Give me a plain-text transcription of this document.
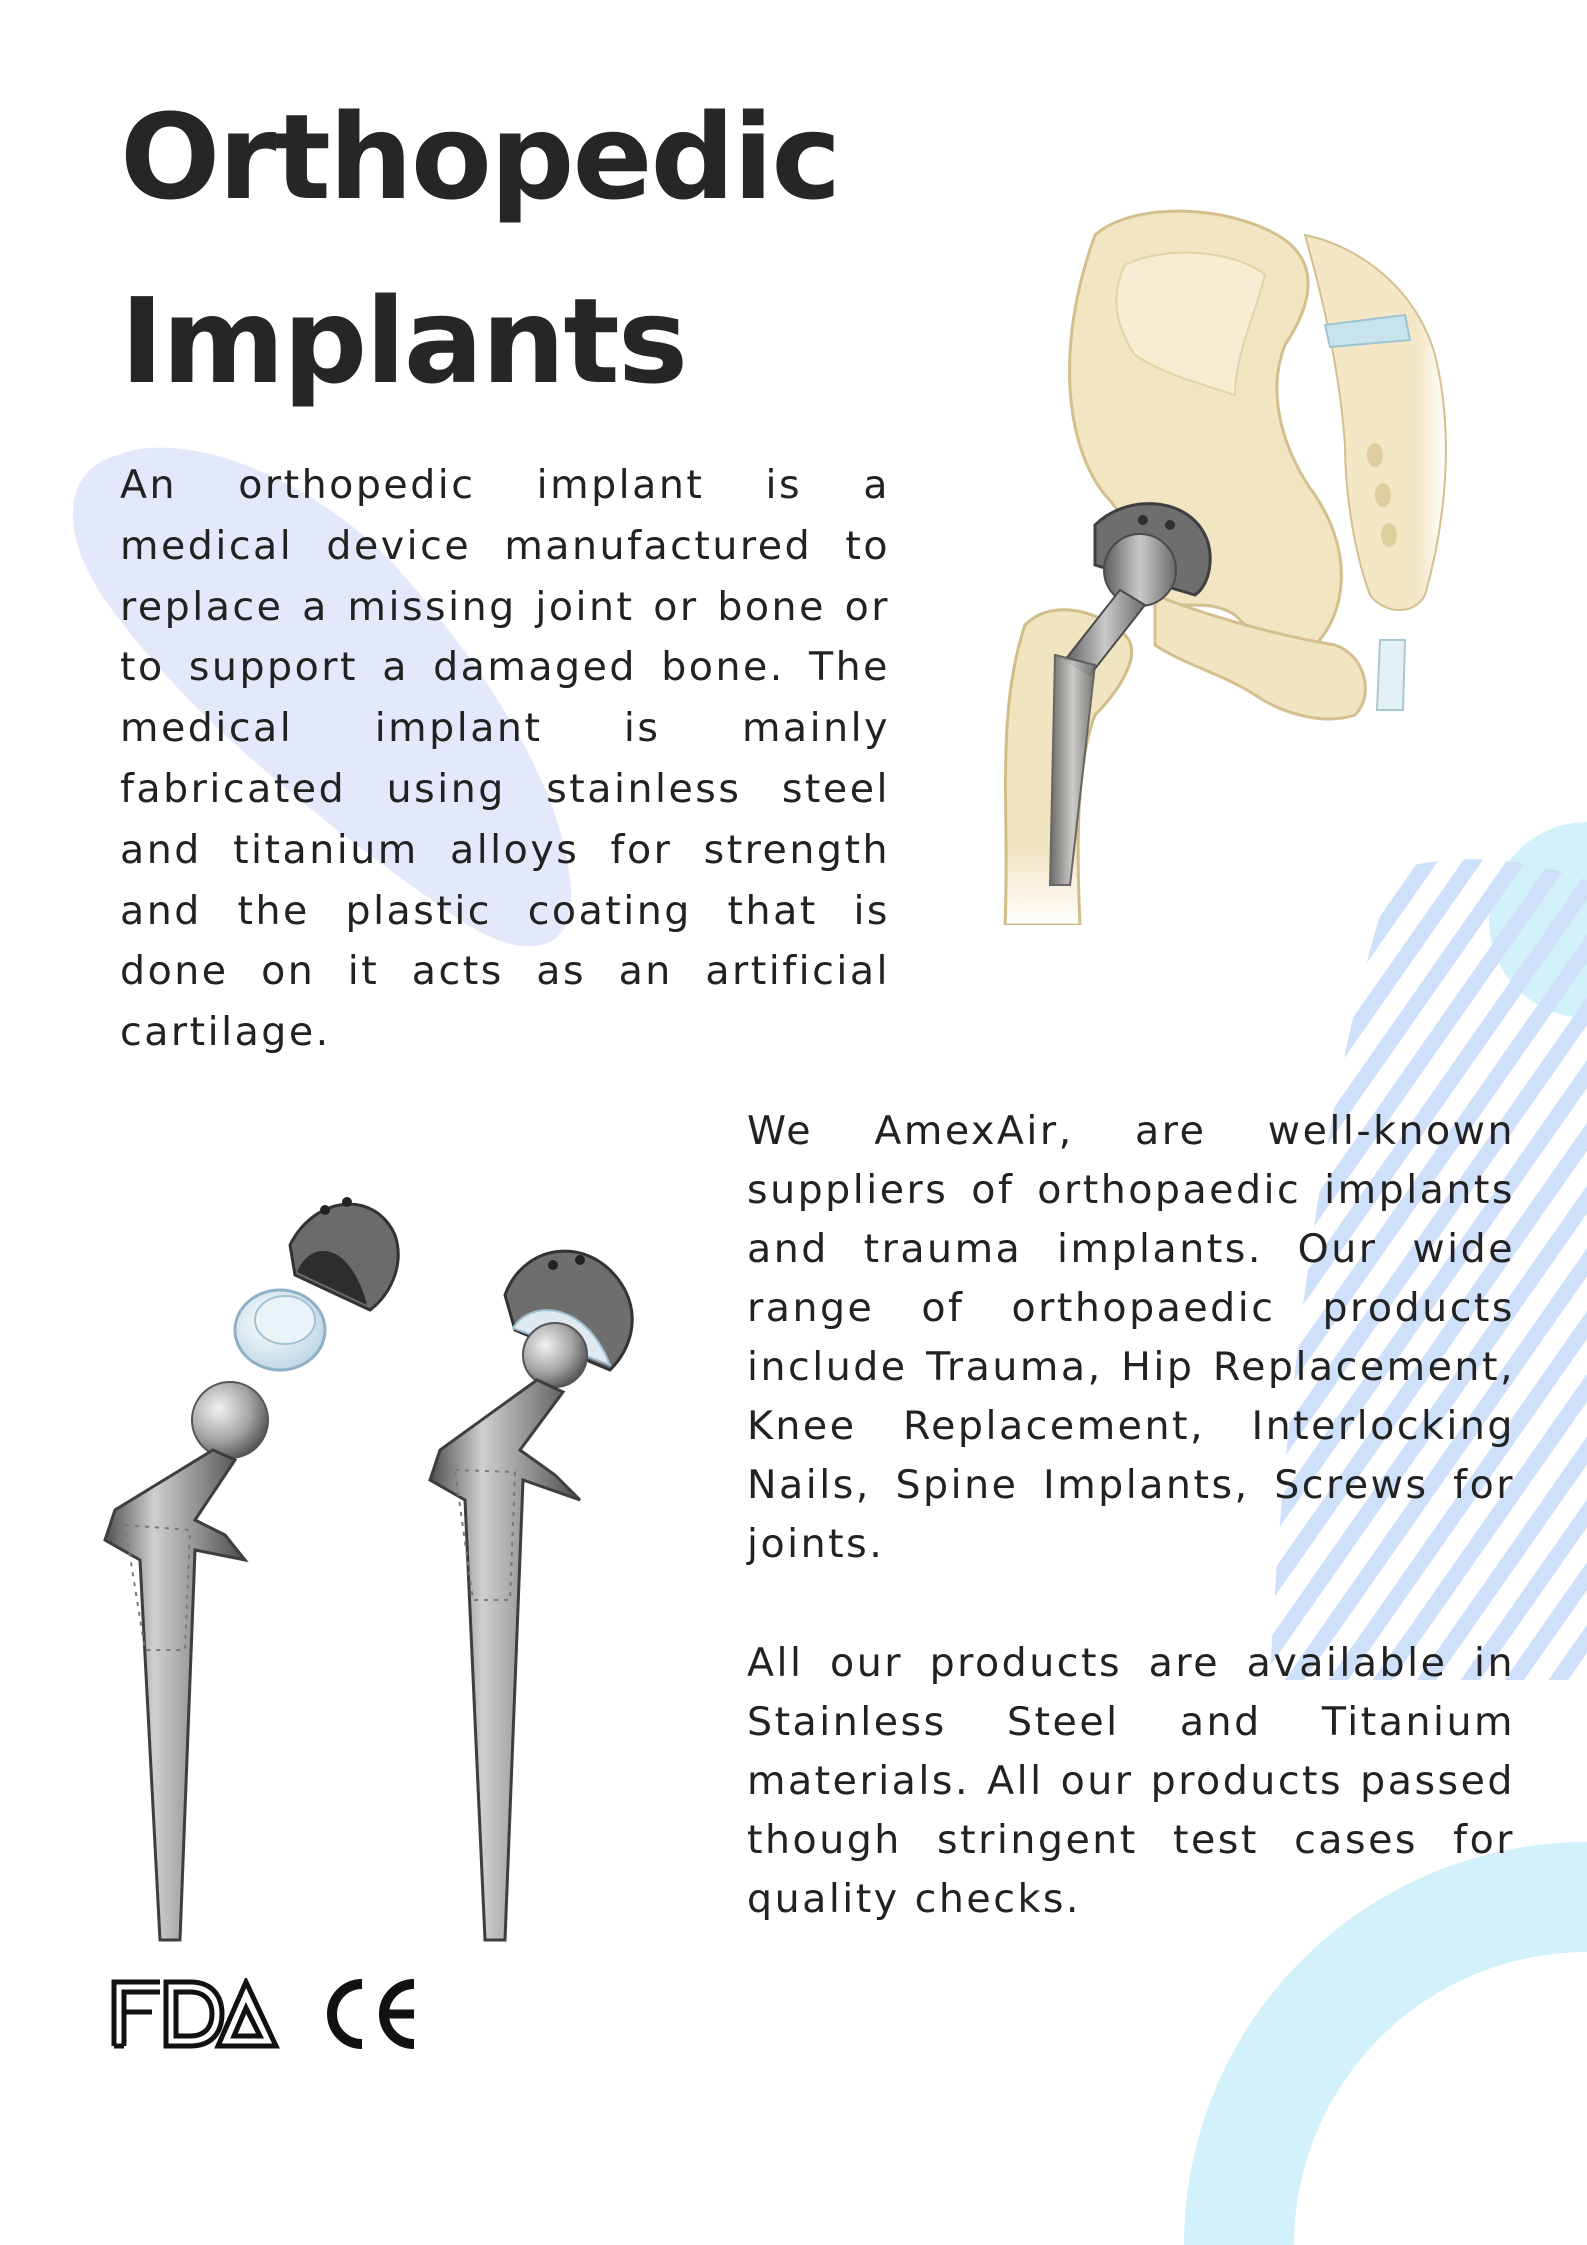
Orthopedic
Implants

An orthopedic implant is a medical device manufactured to replace a missing joint or bone or to support a damaged bone. The medical implant is mainly fabricated using stainless steel and titanium alloys for strength and the plastic coating that is done on it acts as an artificial cartilage.

We AmexAir, are well-known suppliers of orthopaedic implants and trauma implants. Our wide range of orthopaedic products include Trauma, Hip Replacement, Knee Replacement, Interlocking Nails, Spine Implants, Screws for joints.

All our products are available in Stainless Steel and Titanium materials. All our products passed though stringent test cases for quality checks.
